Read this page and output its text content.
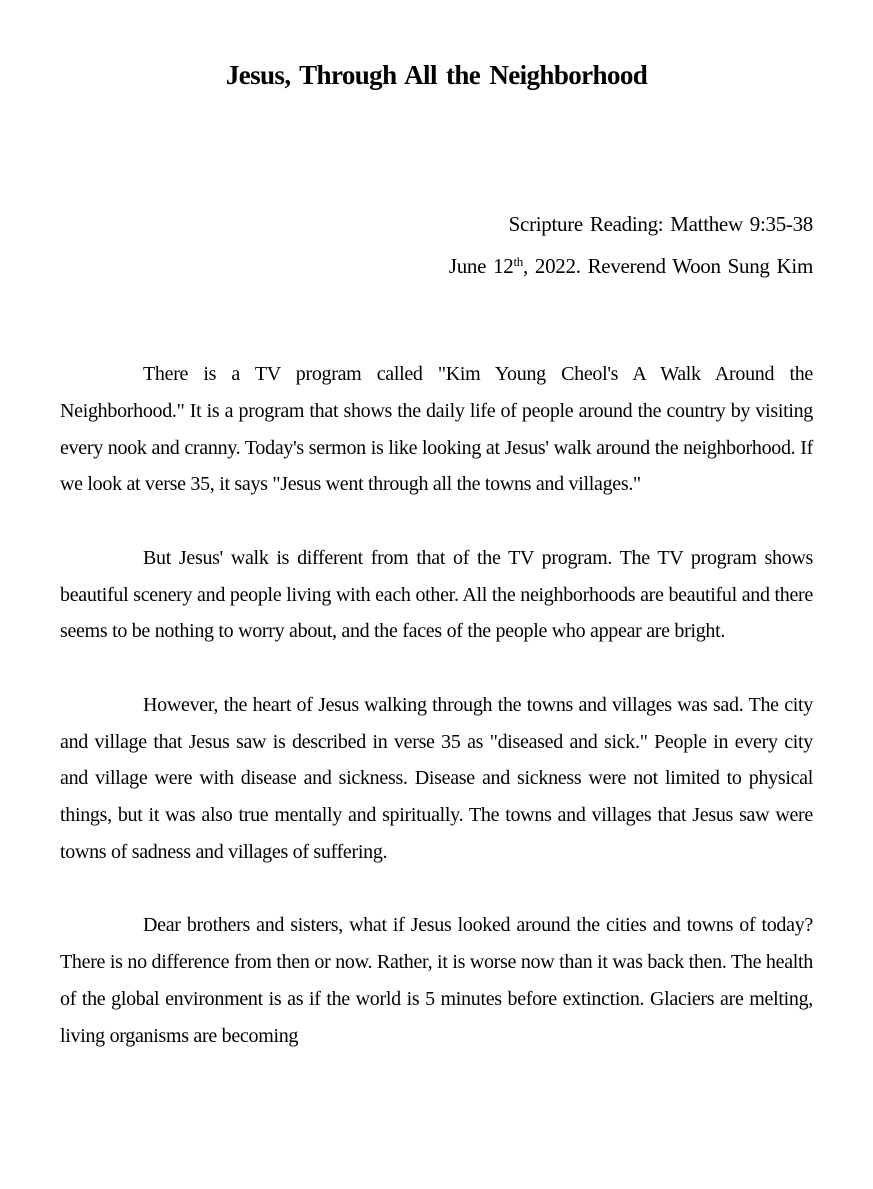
Jesus, Through All the Neighborhood
Scripture Reading: Matthew 9:35-38
June 12th, 2022. Reverend Woon Sung Kim

There is a TV program called "Kim Young Cheol's A Walk Around the Neighborhood." It is a program that shows the daily life of people around the country by visiting every nook and cranny. Today's sermon is like looking at Jesus' walk around the neighborhood. If we look at verse 35, it says "Jesus went through all the towns and villages."

But Jesus' walk is different from that of the TV program. The TV program shows beautiful scenery and people living with each other. All the neighborhoods are beautiful and there seems to be nothing to worry about, and the faces of the people who appear are bright.

However, the heart of Jesus walking through the towns and villages was sad. The city and village that Jesus saw is described in verse 35 as "diseased and sick." People in every city and village were with disease and sickness. Disease and sickness were not limited to physical things, but it was also true mentally and spiritually. The towns and villages that Jesus saw were towns of sadness and villages of suffering.

Dear brothers and sisters, what if Jesus looked around the cities and towns of today? There is no difference from then or now. Rather, it is worse now than it was back then. The health of the global environment is as if the world is 5 minutes before extinction. Glaciers are melting, living organisms are becoming
